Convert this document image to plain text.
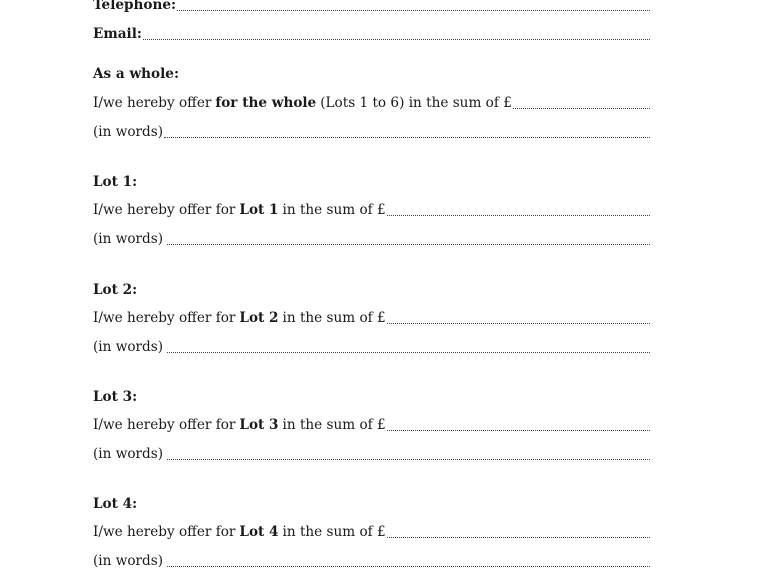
Telephone:
Email:
As a whole:
I/we hereby offer for the whole (Lots 1 to 6) in the sum of £
(in words)
Lot 1:
I/we hereby offer for Lot 1 in the sum of £
(in words)
Lot 2:
I/we hereby offer for Lot 2 in the sum of £
(in words)
Lot 3:
I/we hereby offer for Lot 3 in the sum of £
(in words)
Lot 4:
I/we hereby offer for Lot 4 in the sum of £
(in words)
